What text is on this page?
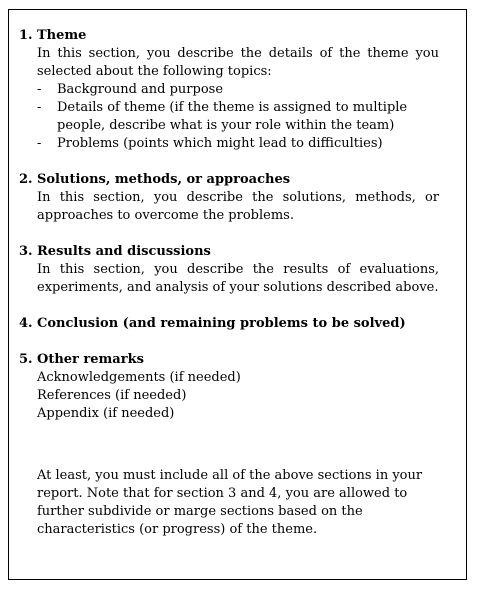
1. Theme
In this section, you describe the details of the theme you selected about the following topics:
-	Background and purpose
-	Details of theme (if the theme is assigned to multiple people, describe what is your role within the team)
-	Problems (points which might lead to difficulties)
2. Solutions, methods, or approaches
In this section, you describe the solutions, methods, or approaches to overcome the problems.
3. Results and discussions
In this section, you describe the results of evaluations, experiments, and analysis of your solutions described above.
4. Conclusion (and remaining problems to be solved)
5. Other remarks
Acknowledgements (if needed)
References (if needed)
Appendix (if needed)
At least, you must include all of the above sections in your report. Note that for section 3 and 4, you are allowed to further subdivide or marge sections based on the characteristics (or progress) of the theme.
